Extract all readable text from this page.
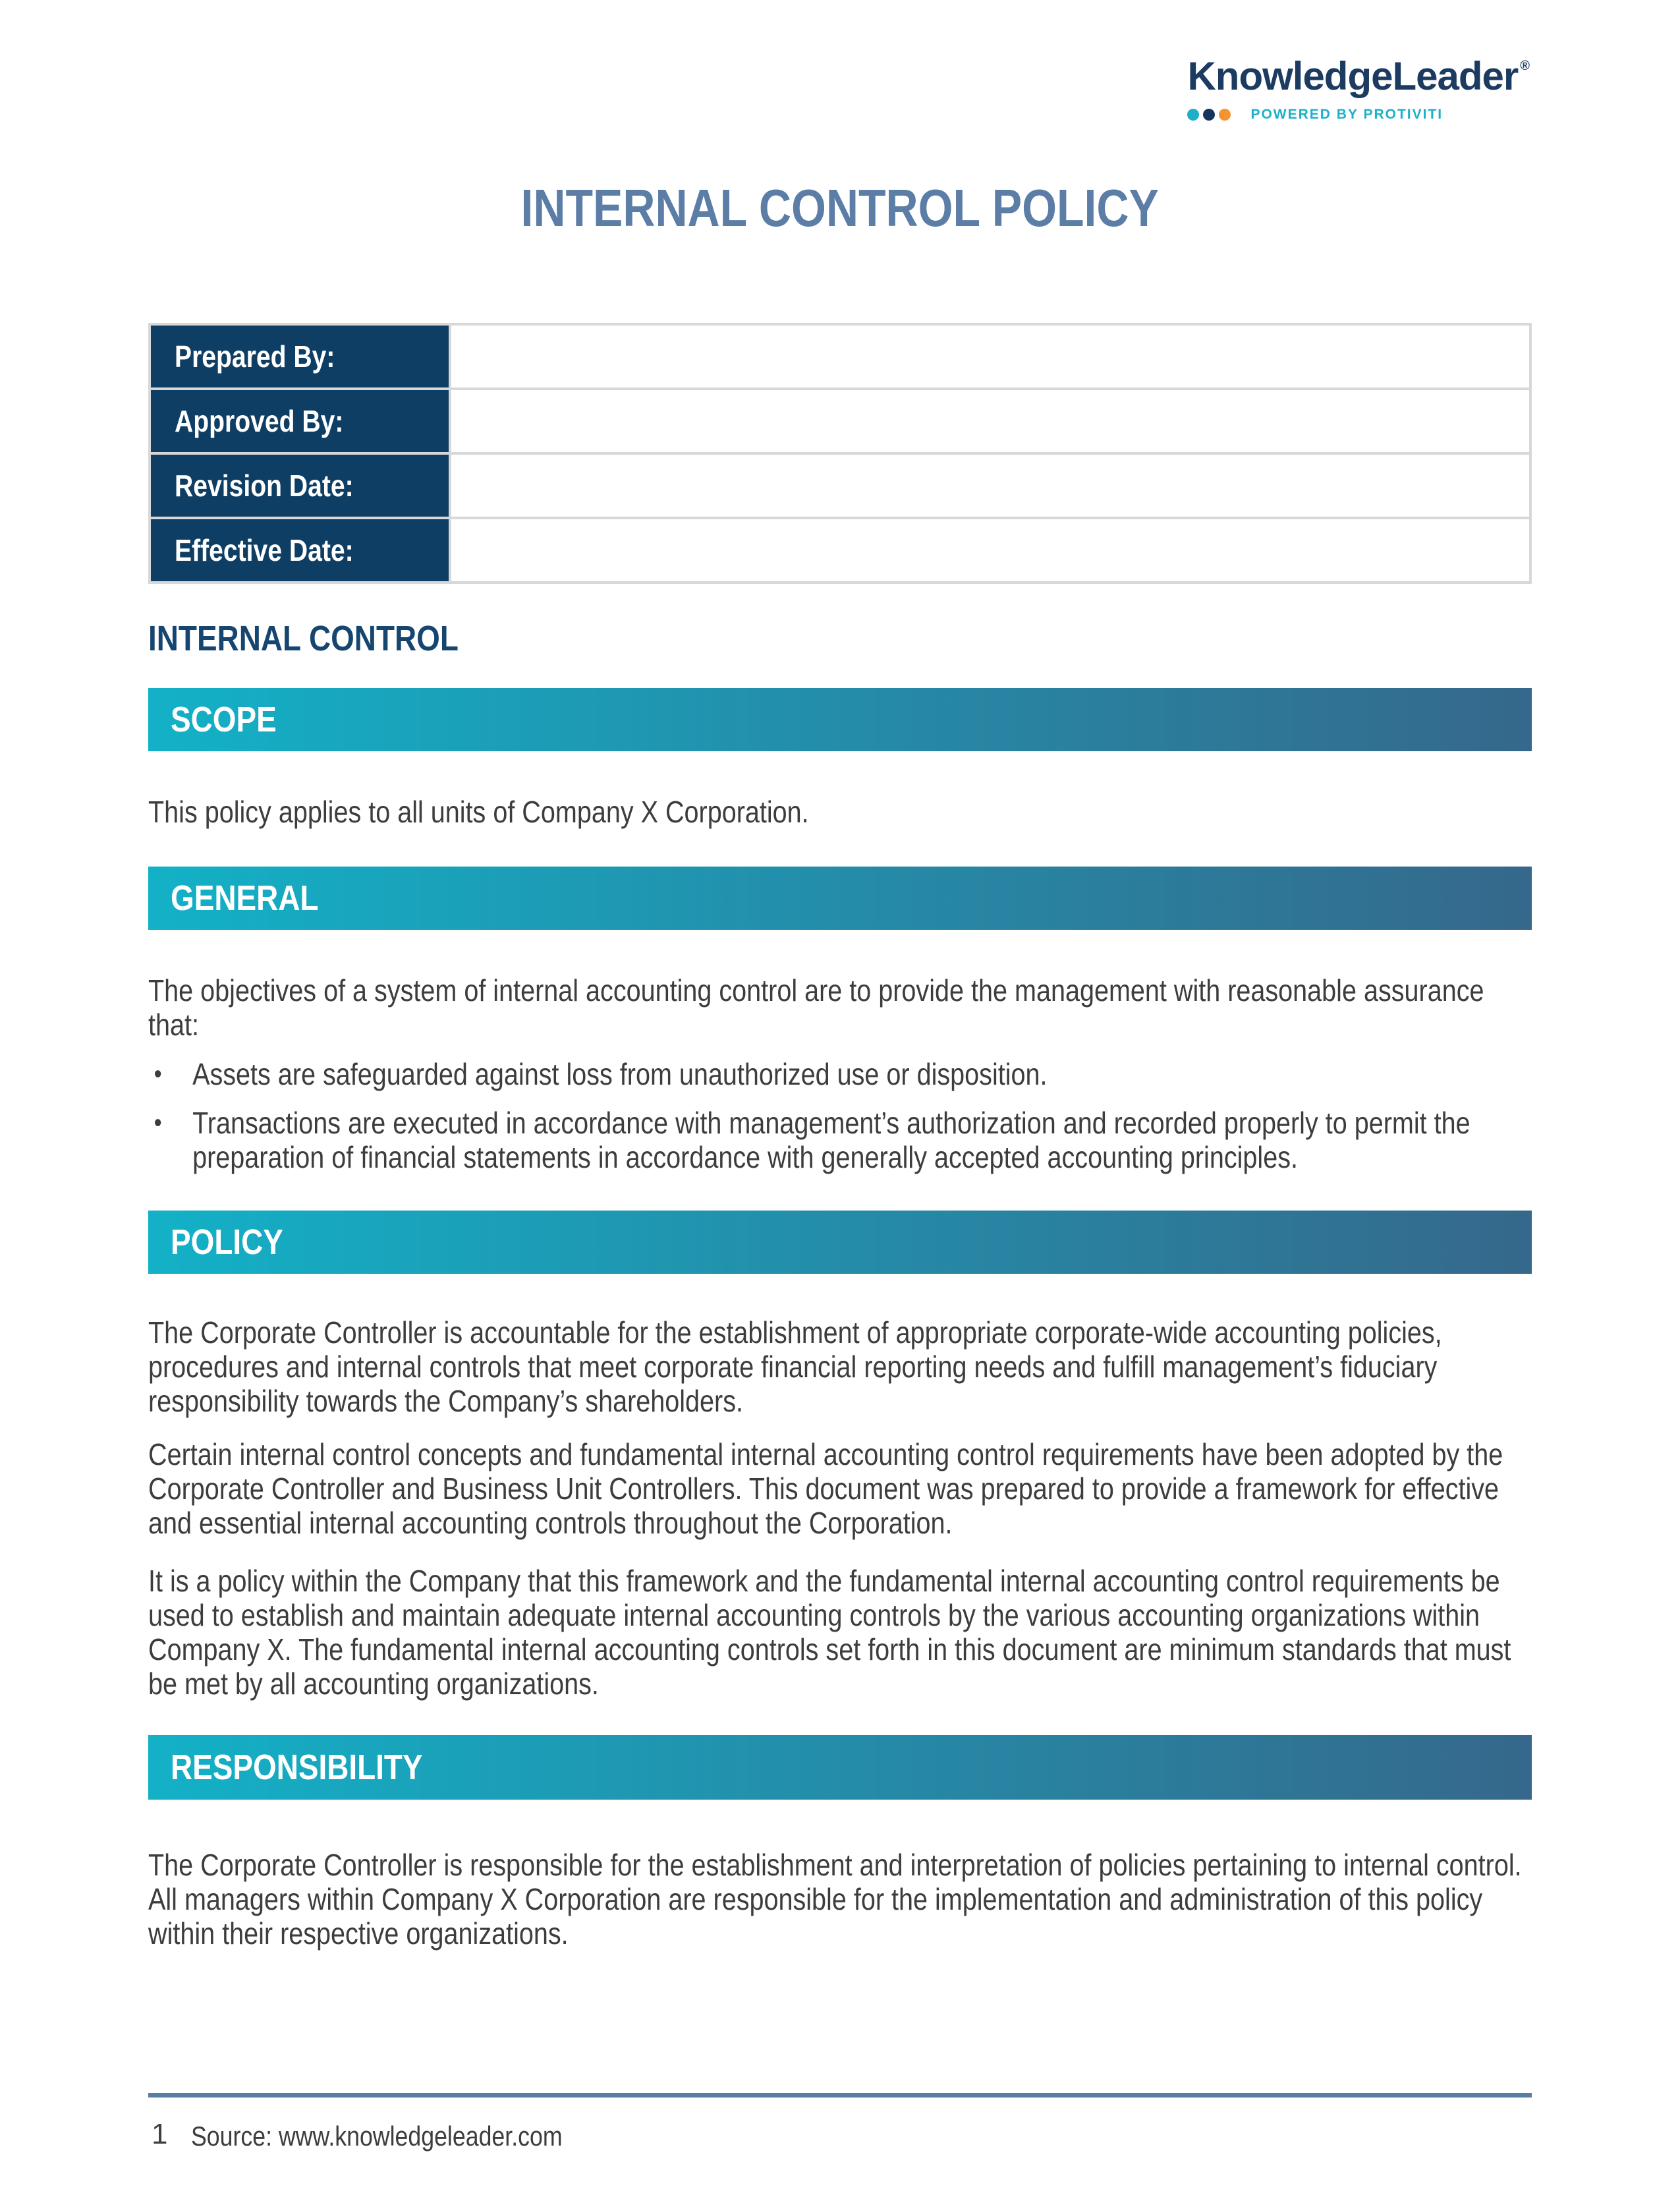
KnowledgeLeader ®
POWERED BY PROTIVITI
INTERNAL CONTROL POLICY
Prepared By:
Approved By:
Revision Date:
Effective Date:
INTERNAL CONTROL
SCOPE

This policy applies to all units of Company X Corporation.

GENERAL

The objectives of a system of internal accounting control are to provide the management with reasonable assurance that:

•	Assets are safeguarded against loss from unauthorized use or disposition.
•	Transactions are executed in accordance with management’s authorization and recorded properly to permit the preparation of financial statements in accordance with generally accepted accounting principles.
POLICY

The Corporate Controller is accountable for the establishment of appropriate corporate-wide accounting policies, procedures and internal controls that meet corporate financial reporting needs and fulfill management’s fiduciary responsibility towards the Company’s shareholders.

Certain internal control concepts and fundamental internal accounting control requirements have been adopted by the Corporate Controller and Business Unit Controllers. This document was prepared to provide a framework for effective and essential internal accounting controls throughout the Corporation.

It is a policy within the Company that this framework and the fundamental internal accounting control requirements be used to establish and maintain adequate internal accounting controls by the various accounting organizations within Company X. The fundamental internal accounting controls set forth in this document are minimum standards that must be met by all accounting organizations.

RESPONSIBILITY

The Corporate Controller is responsible for the establishment and interpretation of policies pertaining to internal control. All managers within Company X Corporation are responsible for the implementation and administration of this policy within their respective organizations.

1 Source: www.knowledgeleader.com
